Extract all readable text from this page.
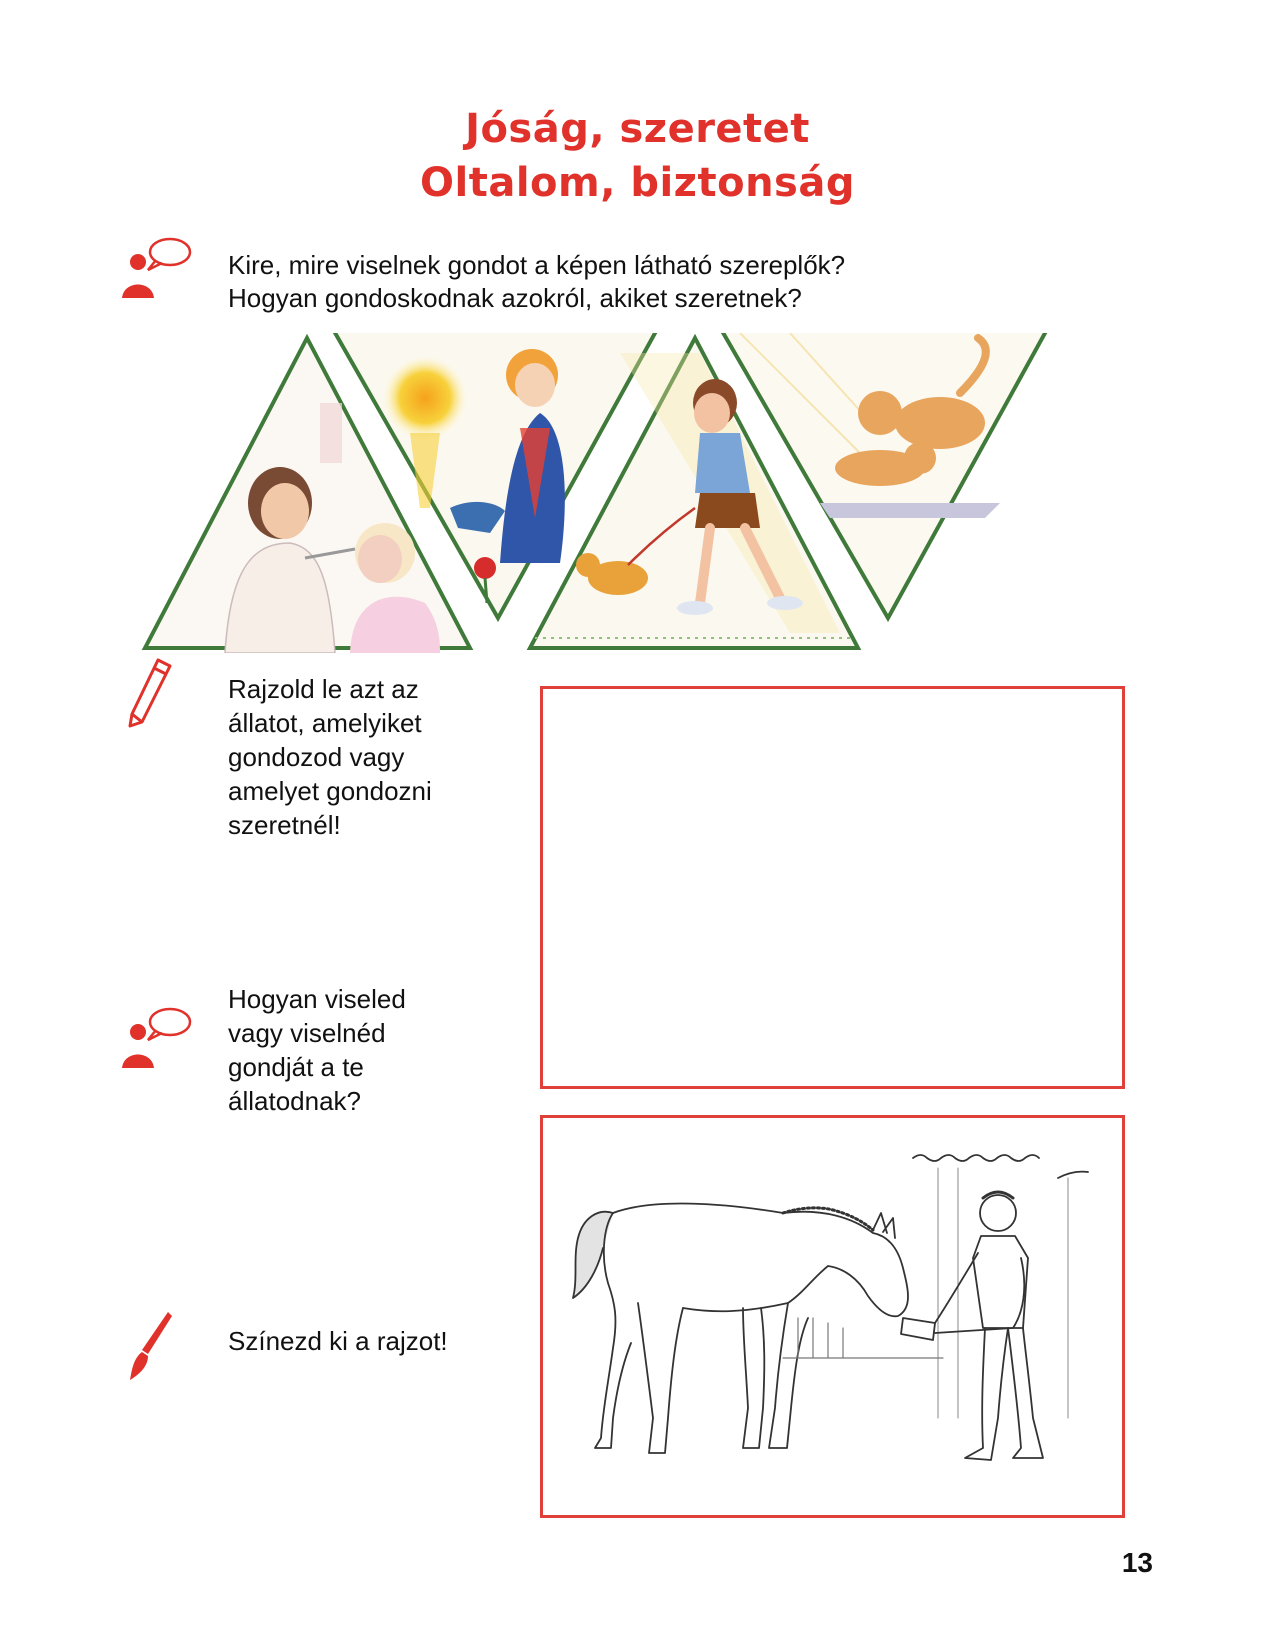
Jóság, szeretet
Oltalom, biztonság
Kire, mire viselnek gondot a képen látható szereplők?
Hogyan gondoskodnak azokról, akiket szeretnek?
Rajzold le azt az
állatot, amelyiket
gondozod vagy
amelyet gondozni
szeretnél!
Hogyan viseled
vagy viselnéd
gondját a te
állatodnak?
Színezd ki a rajzot!
13
